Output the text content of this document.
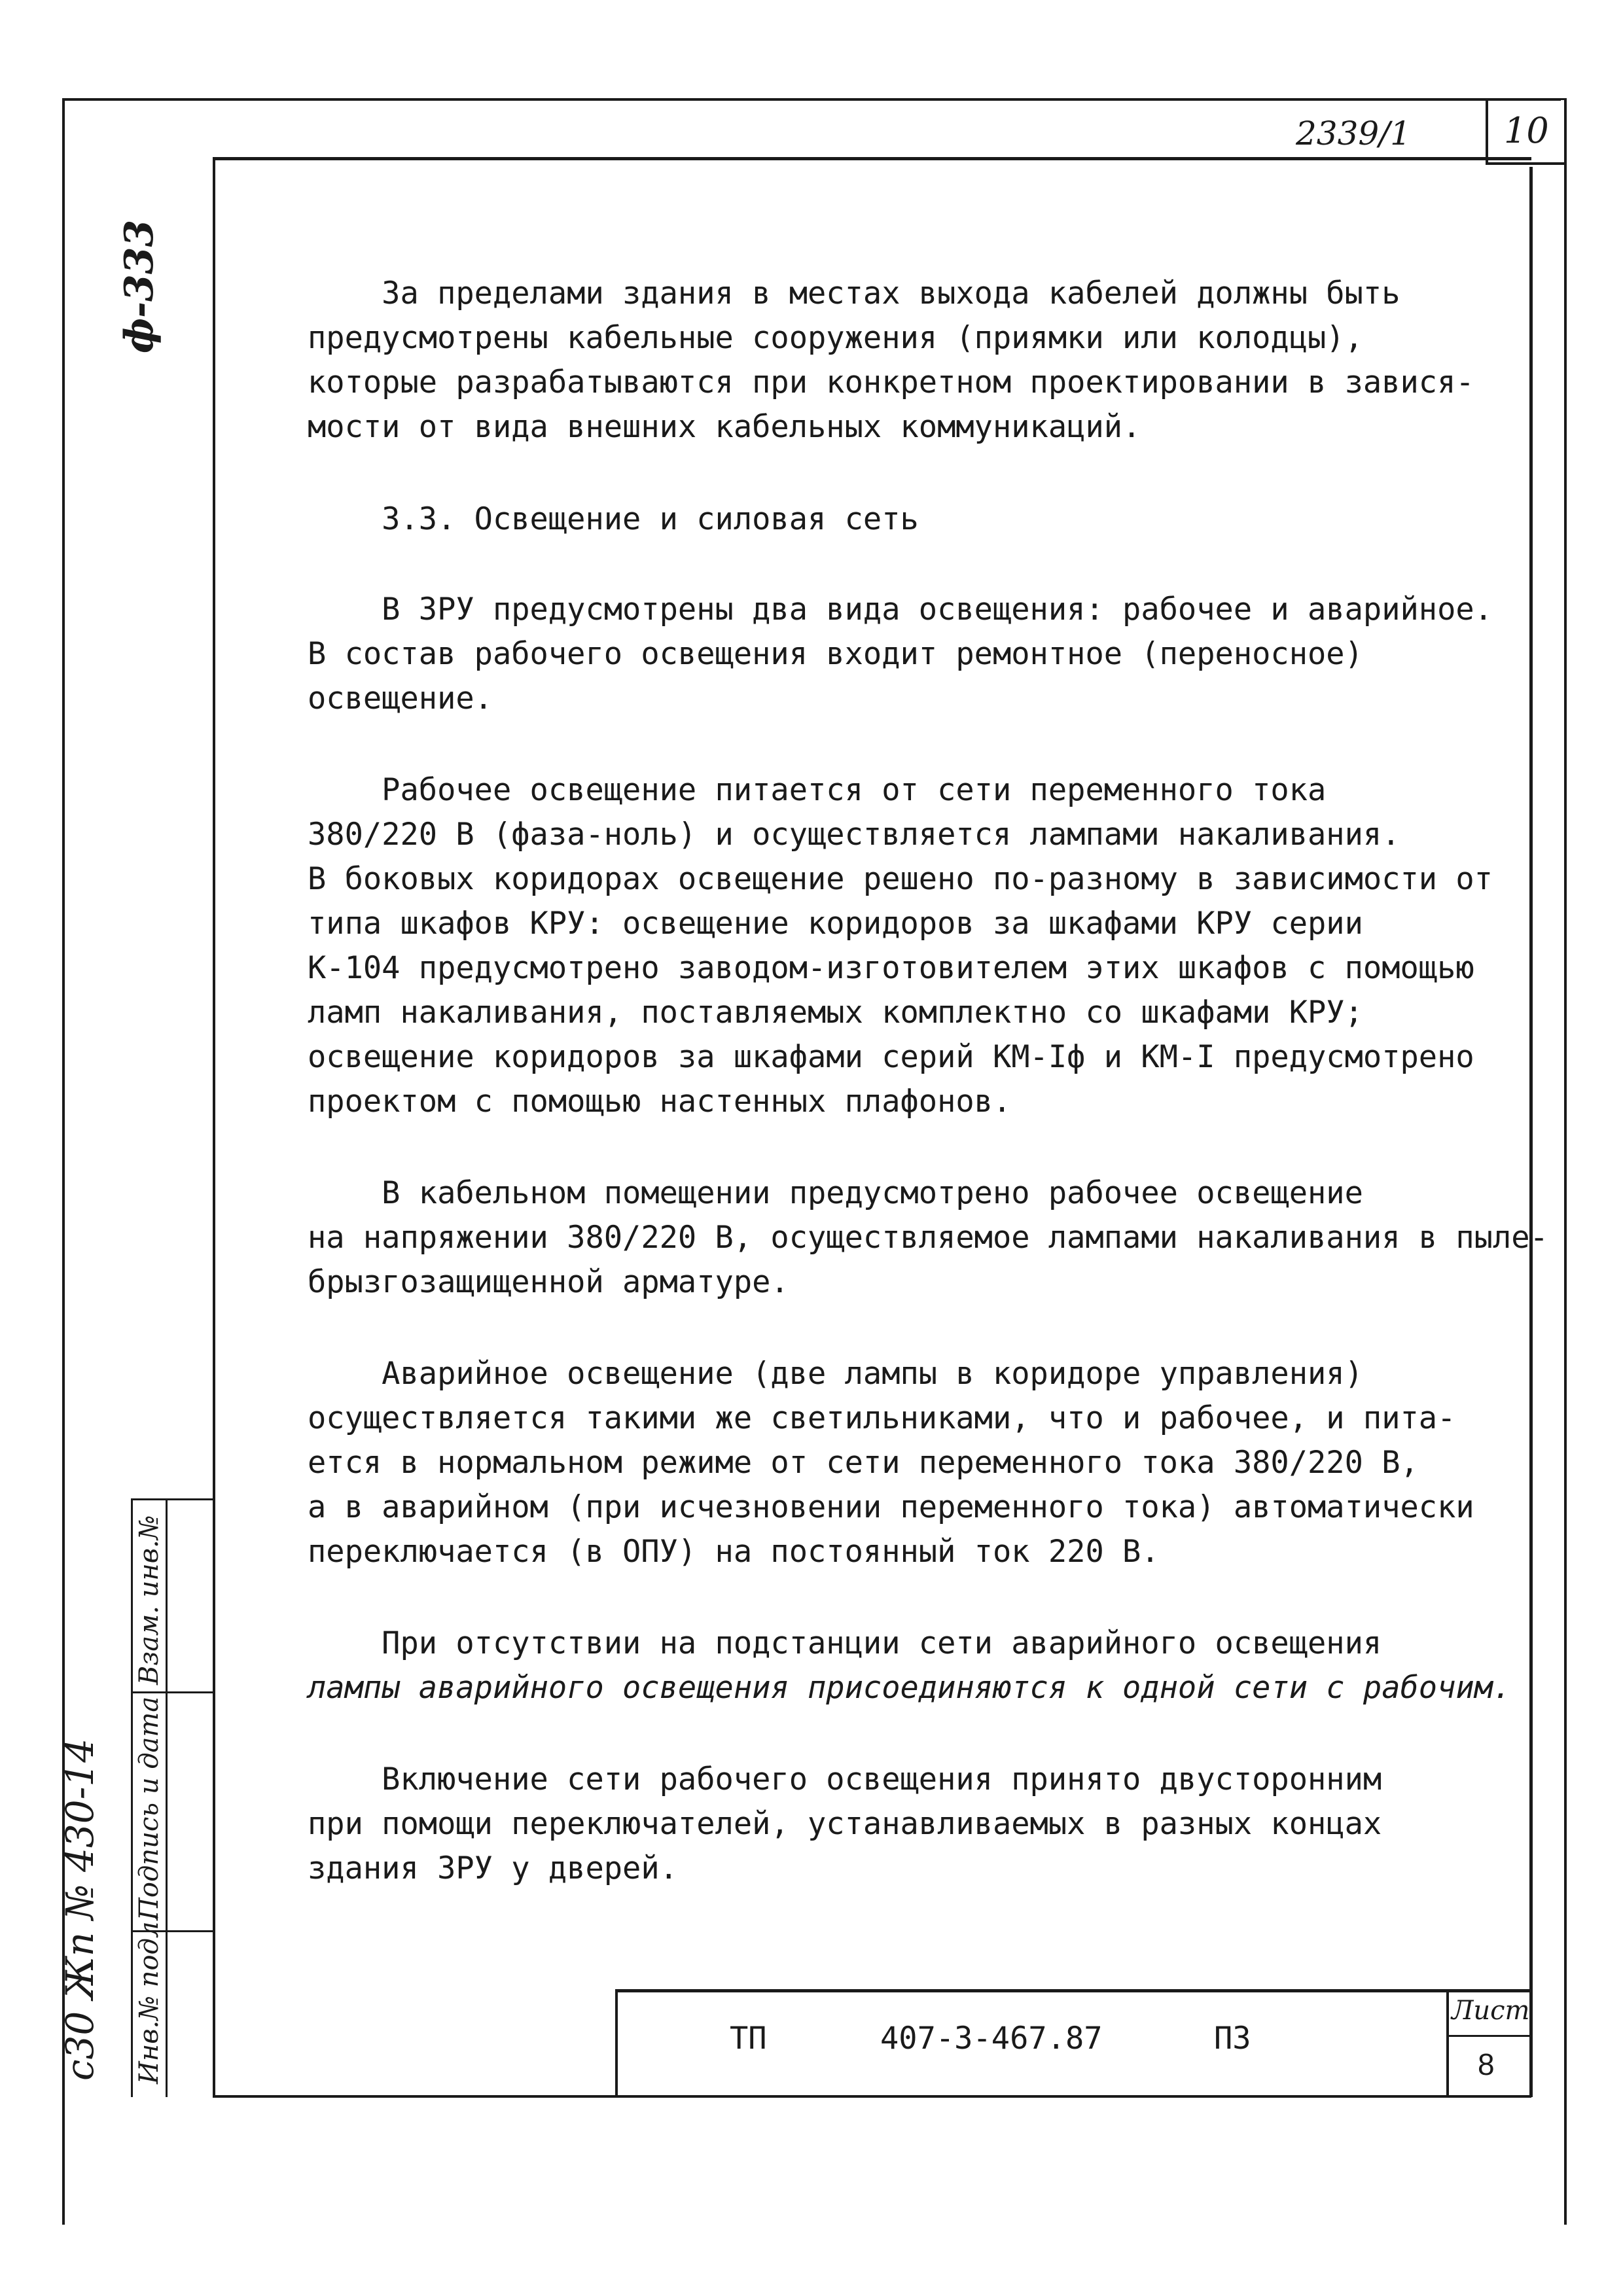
2339/1	10
ф-333
с30 Жп № 430-14 Инв.№ подл.
Подпись и дата
Взам. инв.№
За пределами здания в местах выхода кабелей должны быть
предусмотрены кабельные сооружения (приямки или колодцы),
которые разрабатываются при конкретном проектировании в завися-
мости от вида внешних кабельных коммуникаций.
3.3. Освещение и силовая сеть
В ЗРУ предусмотрены два вида освещения: рабочее и аварийное.
В состав рабочего освещения входит ремонтное (переносное)
освещение.
Рабочее освещение питается от сети переменного тока
380/220 В (фаза-ноль) и осуществляется лампами накаливания.
В боковых коридорах освещение решено по-разному в зависимости от
типа шкафов КРУ: освещение коридоров за шкафами КРУ серии
К-104 предусмотрено заводом-изготовителем этих шкафов с помощью
ламп накаливания, поставляемых комплектно со шкафами КРУ;
освещение коридоров за шкафами серий КМ-Iф и КМ-I предусмотрено
проектом с помощью настенных плафонов.
В кабельном помещении предусмотрено рабочее освещение
на напряжении 380/220 В, осуществляемое лампами накаливания в пыле-
брызгозащищенной арматуре.
Аварийное освещение (две лампы в коридоре управления)
осуществляется такими же светильниками, что и рабочее, и пита-
ется в нормальном режиме от сети переменного тока 380/220 В,
а в аварийном (при исчезновении переменного тока) автоматически
переключается (в ОПУ) на постоянный ток 220 В.
При отсутствии на подстанции сети аварийного освещения
лампы аварийного освещения присоединяются к одной сети с рабочим.
Включение сети рабочего освещения принято двусторонним
при помощи переключателей, устанавливаемых в разных концах
здания ЗРУ у дверей.
ТП	407-3-467.87	ПЗ
Лист
8
